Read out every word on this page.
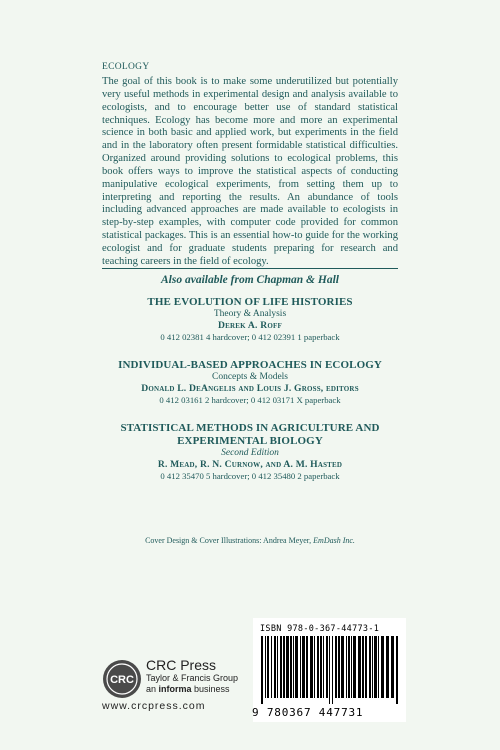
ECOLOGY
The goal of this book is to make some underutilized but potentially very useful methods in experimental design and analysis available to ecologists, and to encourage better use of standard statistical techniques. Ecology has become more and more an experimental science in both basic and applied work, but experiments in the field and in the laboratory often present formidable statistical difficulties. Organized around providing solutions to ecological problems, this book offers ways to improve the statistical aspects of conducting manipulative ecological experiments, from setting them up to interpreting and reporting the results. An abundance of tools including advanced approaches are made available to ecologists in step-by-step examples, with computer code provided for common statistical packages. This is an essential how-to guide for the working ecologist and for graduate students preparing for research and teaching careers in the field of ecology.
Also available from Chapman & Hall
THE EVOLUTION OF LIFE HISTORIES
Theory & Analysis
Derek A. Roff
0 412 02381 4 hardcover; 0 412 02391 1 paperback
INDIVIDUAL-BASED APPROACHES IN ECOLOGY
Concepts & Models
Donald L. DeAngelis and Louis J. Gross, editors
0 412 03161 2 hardcover; 0 412 03171 X paperback
STATISTICAL METHODS IN AGRICULTURE AND EXPERIMENTAL BIOLOGY
Second Edition
R. Mead, R. N. Curnow, and A. M. Hasted
0 412 35470 5 hardcover; 0 412 35480 2 paperback
Cover Design & Cover Illustrations: Andrea Meyer, EmDash Inc.
CRC
CRC Press
Taylor & Francis Group
an informa business
www.crcpress.com
ISBN 978-0-367-44773-1
9 780367 447731
